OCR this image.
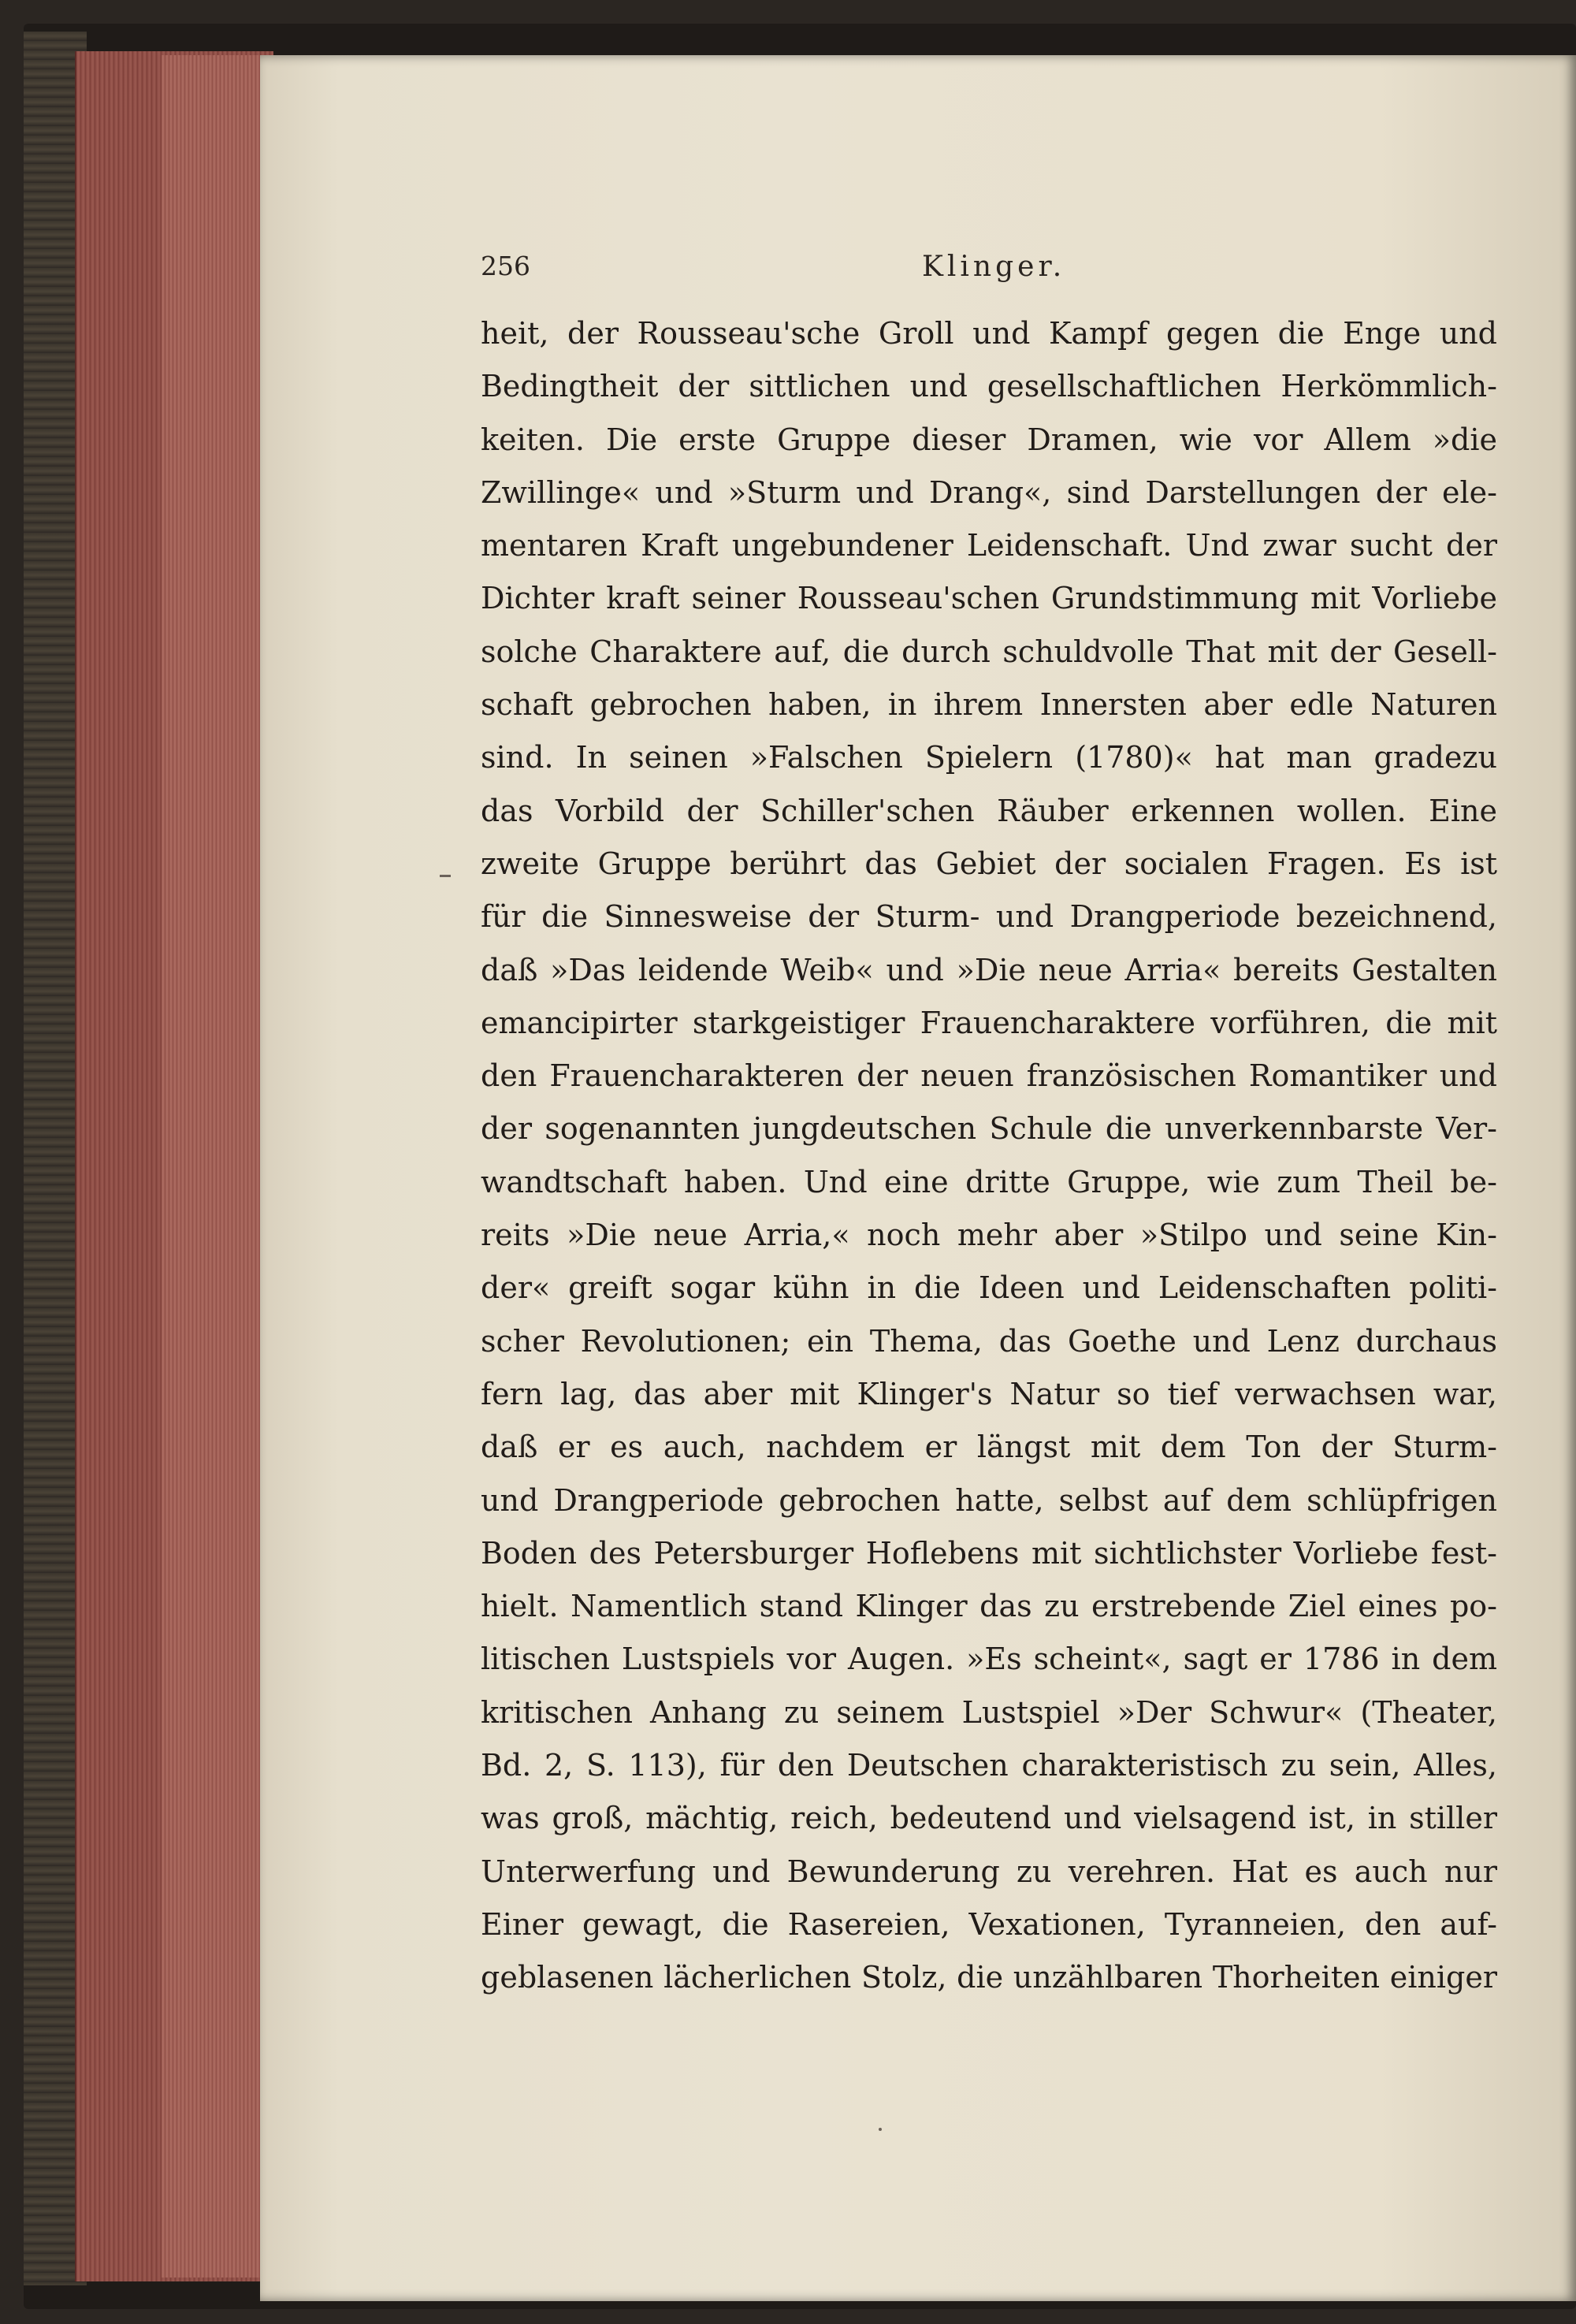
256	Klinger.
heit, der Rousseau'sche Groll und Kampf gegen die Enge und
Bedingtheit der sittlichen und gesellschaftlichen Herkömmlich-
keiten. Die erste Gruppe dieser Dramen, wie vor Allem »die
Zwillinge« und »Sturm und Drang«, sind Darstellungen der ele-
mentaren Kraft ungebundener Leidenschaft. Und zwar sucht der
Dichter kraft seiner Rousseau'schen Grundstimmung mit Vorliebe
solche Charaktere auf, die durch schuldvolle That mit der Gesell-
schaft gebrochen haben, in ihrem Innersten aber edle Naturen
sind. In seinen »Falschen Spielern (1780)« hat man gradezu
das Vorbild der Schiller'schen Räuber erkennen wollen. Eine
zweite Gruppe berührt das Gebiet der socialen Fragen. Es ist
für die Sinnesweise der Sturm- und Drangperiode bezeichnend,
daß »Das leidende Weib« und »Die neue Arria« bereits Gestalten
emancipirter starkgeistiger Frauencharaktere vorführen, die mit
den Frauencharakteren der neuen französischen Romantiker und
der sogenannten jungdeutschen Schule die unverkennbarste Ver-
wandtschaft haben. Und eine dritte Gruppe, wie zum Theil be-
reits »Die neue Arria,« noch mehr aber »Stilpo und seine Kin-
der« greift sogar kühn in die Ideen und Leidenschaften politi-
scher Revolutionen; ein Thema, das Goethe und Lenz durchaus
fern lag, das aber mit Klinger's Natur so tief verwachsen war,
daß er es auch, nachdem er längst mit dem Ton der Sturm-
und Drangperiode gebrochen hatte, selbst auf dem schlüpfrigen
Boden des Petersburger Hoflebens mit sichtlichster Vorliebe fest-
hielt. Namentlich stand Klinger das zu erstrebende Ziel eines po-
litischen Lustspiels vor Augen. »Es scheint«, sagt er 1786 in dem
kritischen Anhang zu seinem Lustspiel »Der Schwur« (Theater,
Bd. 2, S. 113), für den Deutschen charakteristisch zu sein, Alles,
was groß, mächtig, reich, bedeutend und vielsagend ist, in stiller
Unterwerfung und Bewunderung zu verehren. Hat es auch nur
Einer gewagt, die Rasereien, Vexationen, Tyranneien, den auf-
geblasenen lächerlichen Stolz, die unzählbaren Thorheiten einiger
